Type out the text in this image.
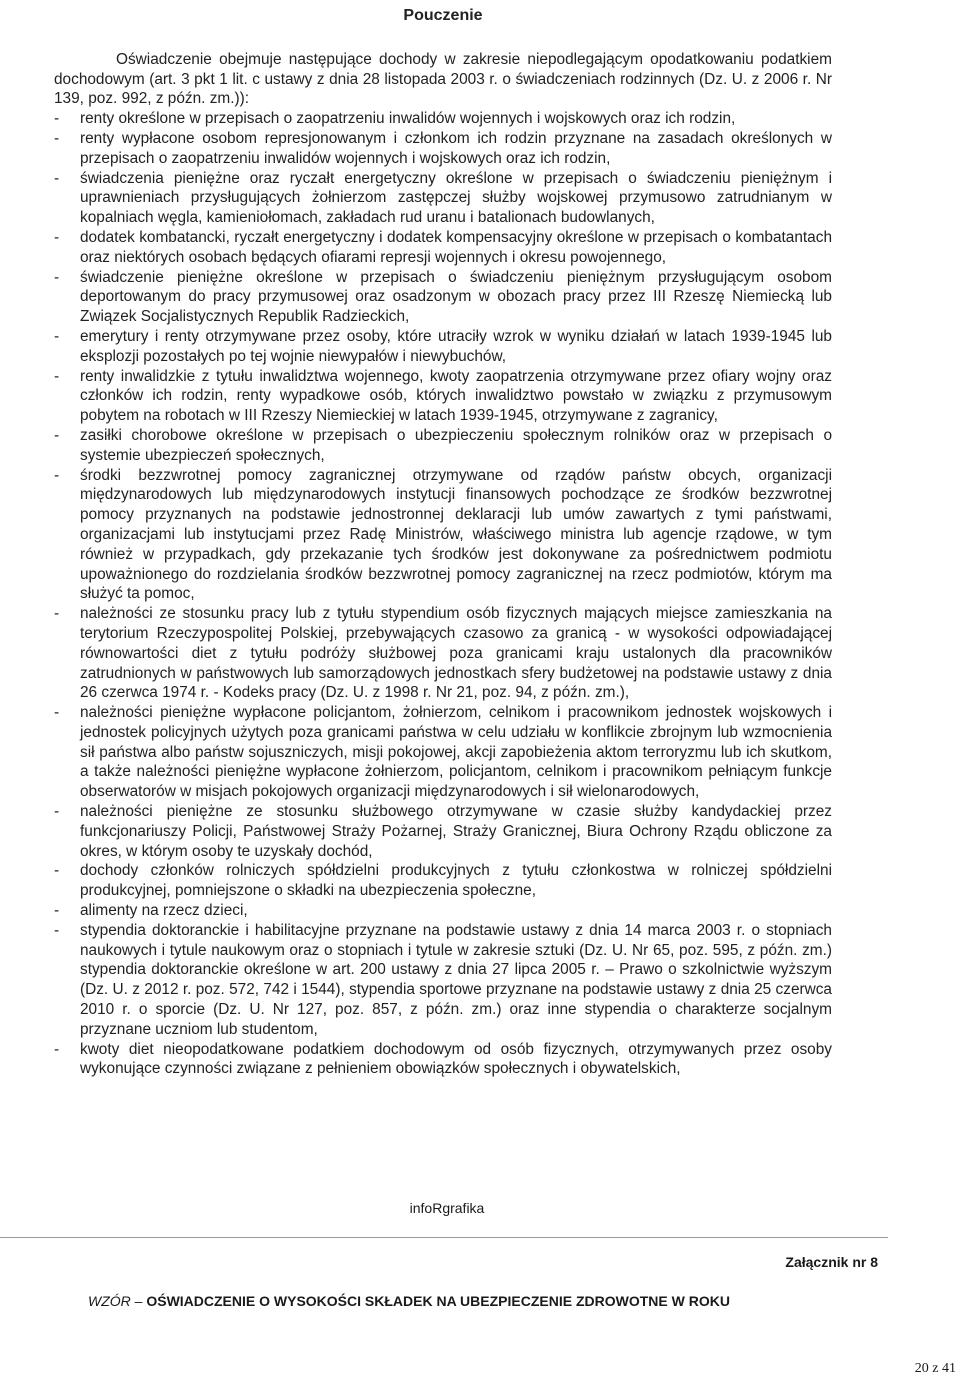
Pouczenie

Oświadczenie obejmuje następujące dochody w zakresie niepodlegającym opodatkowaniu podatkiem dochodowym (art. 3 pkt 1 lit. c ustawy z dnia 28 listopada 2003 r. o świadczeniach rodzinnych (Dz. U. z 2006 r. Nr 139, poz. 992, z późn. zm.)):

- renty określone w przepisach o zaopatrzeniu inwalidów wojennych i wojskowych oraz ich rodzin,
- renty wypłacone osobom represjonowanym i członkom ich rodzin przyznane na zasadach określonych w przepisach o zaopatrzeniu inwalidów wojennych i wojskowych oraz ich rodzin,
- świadczenia pieniężne oraz ryczałt energetyczny określone w przepisach o świadczeniu pieniężnym i uprawnieniach przysługujących żołnierzom zastępczej służby wojskowej przymusowo zatrudnianym w kopalniach węgla, kamieniołomach, zakładach rud uranu i batalionach budowlanych,
- dodatek kombatancki, ryczałt energetyczny i dodatek kompensacyjny określone w przepisach o kombatantach oraz niektórych osobach będących ofiarami represji wojennych i okresu powojennego,
- świadczenie pieniężne określone w przepisach o świadczeniu pieniężnym przysługującym osobom deportowanym do pracy przymusowej oraz osadzonym w obozach pracy przez III Rzeszę Niemiecką lub Związek Socjalistycznych Republik Radzieckich,
- emerytury i renty otrzymywane przez osoby, które utraciły wzrok w wyniku działań w latach 1939-1945 lub eksplozji pozostałych po tej wojnie niewypałów i niewybuchów,
- renty inwalidzkie z tytułu inwalidztwa wojennego, kwoty zaopatrzenia otrzymywane przez ofiary wojny oraz członków ich rodzin, renty wypadkowe osób, których inwalidztwo powstało w związku z przymusowym pobytem na robotach w III Rzeszy Niemieckiej w latach 1939-1945, otrzymywane z zagranicy,
- zasiłki chorobowe określone w przepisach o ubezpieczeniu społecznym rolników oraz w przepisach o systemie ubezpieczeń społecznych,
- środki bezzwrotnej pomocy zagranicznej otrzymywane od rządów państw obcych, organizacji międzynarodowych lub międzynarodowych instytucji finansowych pochodzące ze środków bezzwrotnej pomocy przyznanych na podstawie jednostronnej deklaracji lub umów zawartych z tymi państwami, organizacjami lub instytucjami przez Radę Ministrów, właściwego ministra lub agencje rządowe, w tym również w przypadkach, gdy przekazanie tych środków jest dokonywane za pośrednictwem podmiotu upoważnionego do rozdzielania środków bezzwrotnej pomocy zagranicznej na rzecz podmiotów, którym ma służyć ta pomoc,
- należności ze stosunku pracy lub z tytułu stypendium osób fizycznych mających miejsce zamieszkania na terytorium Rzeczypospolitej Polskiej, przebywających czasowo za granicą - w wysokości odpowiadającej równowartości diet z tytułu podróży służbowej poza granicami kraju ustalonych dla pracowników zatrudnionych w państwowych lub samorządowych jednostkach sfery budżetowej na podstawie ustawy z dnia 26 czerwca 1974 r. - Kodeks pracy (Dz. U. z 1998 r. Nr 21, poz. 94, z późn. zm.),
- należności pieniężne wypłacone policjantom, żołnierzom, celnikom i pracownikom jednostek wojskowych i jednostek policyjnych użytych poza granicami państwa w celu udziału w konflikcie zbrojnym lub wzmocnienia sił państwa albo państw sojuszniczych, misji pokojowej, akcji zapobieżenia aktom terroryzmu lub ich skutkom, a także należności pieniężne wypłacone żołnierzom, policjantom, celnikom i pracownikom pełniącym funkcje obserwatorów w misjach pokojowych organizacji międzynarodowych i sił wielonarodowych,
- należności pieniężne ze stosunku służbowego otrzymywane w czasie służby kandydackiej przez funkcjonariuszy Policji, Państwowej Straży Pożarnej, Straży Granicznej, Biura Ochrony Rządu obliczone za okres, w którym osoby te uzyskały dochód,
- dochody członków rolniczych spółdzielni produkcyjnych z tytułu członkostwa w rolniczej spółdzielni produkcyjnej, pomniejszone o składki na ubezpieczenia społeczne,
- alimenty na rzecz dzieci,
- stypendia doktoranckie i habilitacyjne przyznane na podstawie ustawy z dnia 14 marca 2003 r. o stopniach naukowych i tytule naukowym oraz o stopniach i tytule w zakresie sztuki (Dz. U. Nr 65, poz. 595, z późn. zm.) stypendia doktoranckie określone w art. 200 ustawy z dnia 27 lipca 2005 r. – Prawo o szkolnictwie wyższym (Dz. U. z 2012 r. poz. 572, 742 i 1544), stypendia sportowe przyznane na podstawie ustawy z dnia 25 czerwca 2010 r. o sporcie (Dz. U. Nr 127, poz. 857, z późn. zm.) oraz inne stypendia o charakterze socjalnym przyznane uczniom lub studentom,
- kwoty diet nieopodatkowane podatkiem dochodowym od osób fizycznych, otrzymywanych przez osoby wykonujące czynności związane z pełnieniem obowiązków społecznych i obywatelskich,
infoRgrafika
Załącznik nr 8
WZÓR – OŚWIADCZENIE O WYSOKOŚCI SKŁADEK NA UBEZPIECZENIE ZDROWOTNE W ROKU
20 z 41
